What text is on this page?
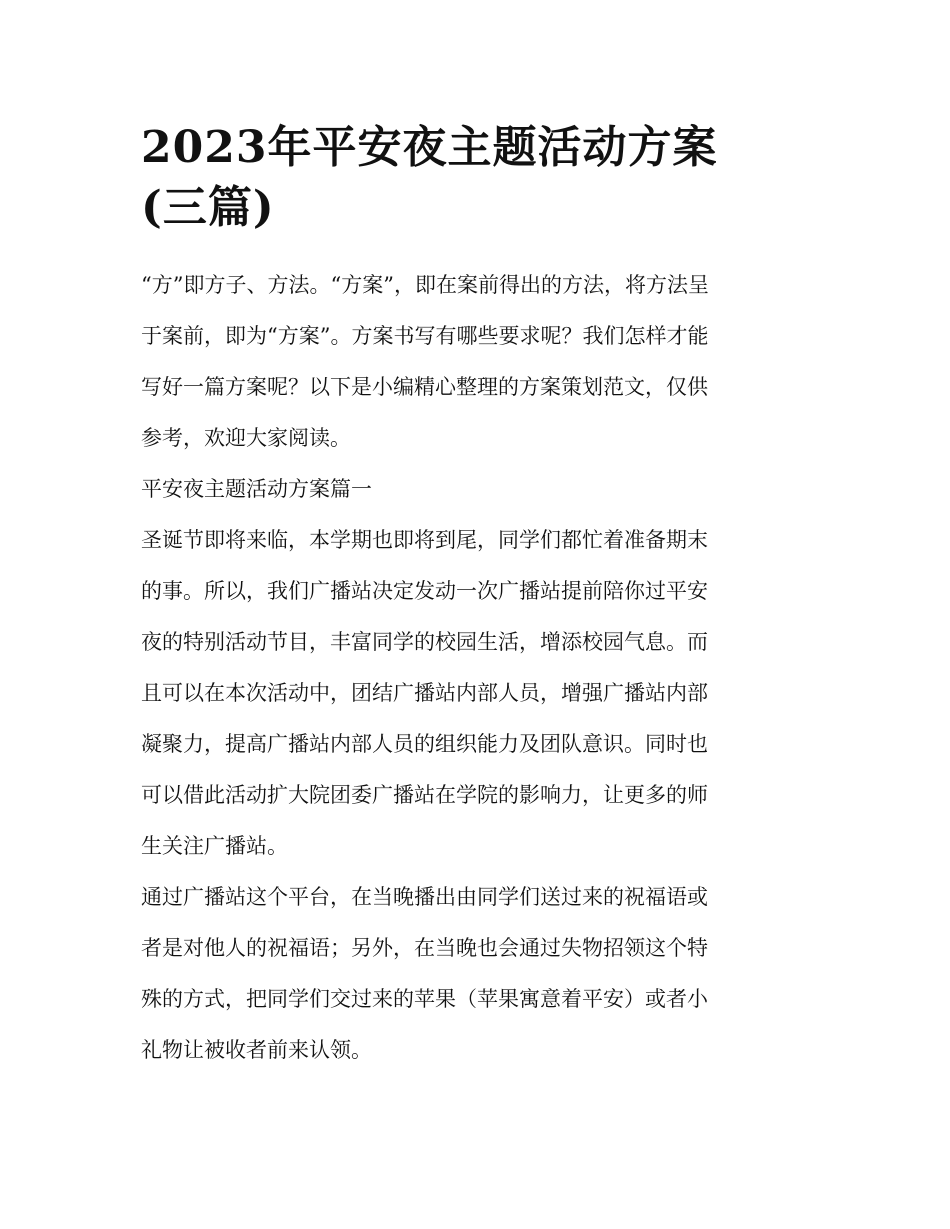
2023年平安夜主题活动方案
(三篇)

“方”即方子、方法。“方案”，即在案前得出的方法，将方法呈
于案前，即为“方案”。方案书写有哪些要求呢？我们怎样才能
写好一篇方案呢？以下是小编精心整理的方案策划范文，仅供
参考，欢迎大家阅读。

平安夜主题活动方案篇一

圣诞节即将来临，本学期也即将到尾，同学们都忙着准备期末
的事。所以，我们广播站决定发动一次广播站提前陪你过平安
夜的特别活动节目，丰富同学的校园生活，增添校园气息。而
且可以在本次活动中，团结广播站内部人员，增强广播站内部
凝聚力，提高广播站内部人员的组织能力及团队意识。同时也
可以借此活动扩大院团委广播站在学院的影响力，让更多的师
生关注广播站。

通过广播站这个平台，在当晚播出由同学们送过来的祝福语或
者是对他人的祝福语；另外，在当晚也会通过失物招领这个特
殊的方式，把同学们交过来的苹果（苹果寓意着平安）或者小
礼物让被收者前来认领。
